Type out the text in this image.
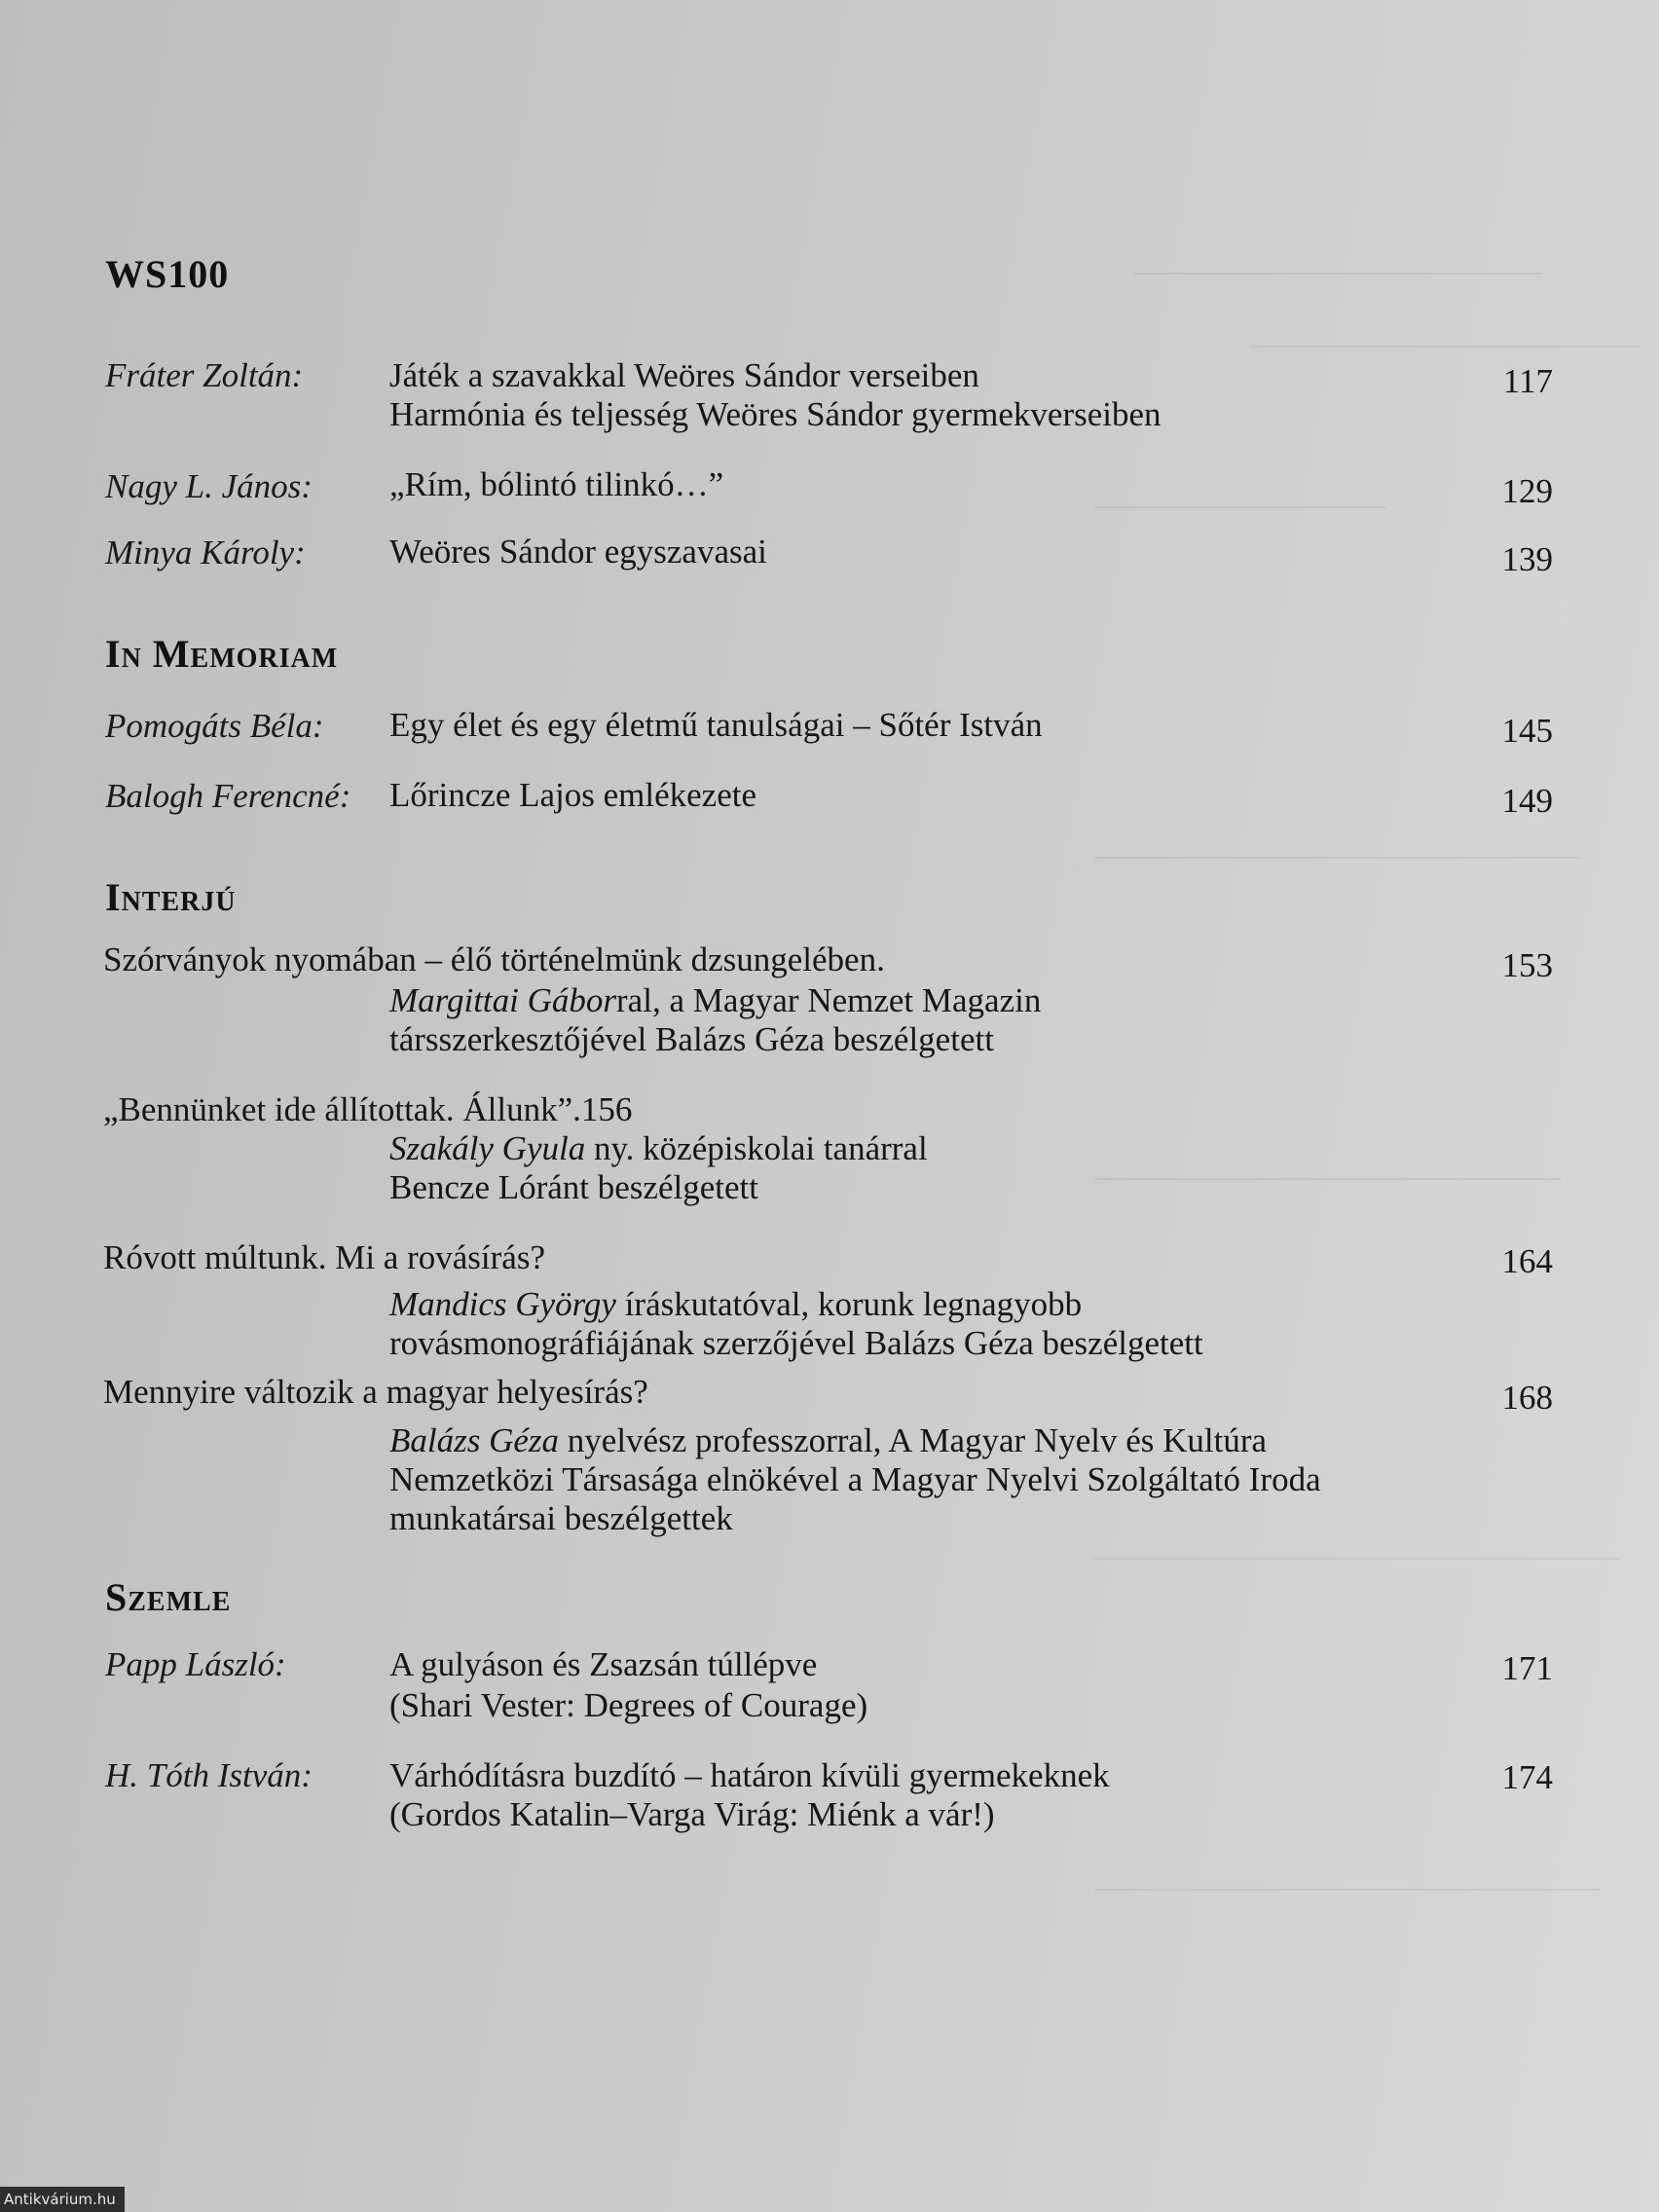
WS100
Fráter Zoltán:	Játék a szavakkal Weöres Sándor verseiben
Harmónia és teljesség Weöres Sándor gyermekverseiben
117
Nagy L. János: „Rím, bólintó tilinkó…”	129
Minya Károly: Weöres Sándor egyszavasai	139
In Memoriam
Pomogáts Béla: Egy élet és egy életmű tanulságai – Sőtér István	145
Balogh Ferencné: Lőrincze Lajos emlékezete	149
Interjú
Szórványok nyomában – élő történelmünk dzsungelében.	153
Margittai Gáborral, a Magyar Nemzet Magazin
társszerkesztőjével Balázs Géza beszélgetett
„Bennünket ide állítottak. Állunk”.156
Szakály Gyula ny. középiskolai tanárral
Bencze Lóránt beszélgetett
Róvott múltunk. Mi a rovásírás?	164
Mandics György íráskutatóval, korunk legnagyobb
rovásmonográfiájának szerzőjével Balázs Géza beszélgetett
Mennyire változik a magyar helyesírás?	168
Balázs Géza nyelvész professzorral, A Magyar Nyelv és Kultúra
Nemzetközi Társasága elnökével a Magyar Nyelvi Szolgáltató Iroda
munkatársai beszélgettek
Szemle
Papp László:	A gulyáson és Zsazsán túllépve
(Shari Vester: Degrees of Courage)
171
H. Tóth István: Várhódításra buzdító – határon kívüli gyermekeknek
(Gordos Katalin–Varga Virág: Miénk a vár!)
174
Antikvárium.hu
